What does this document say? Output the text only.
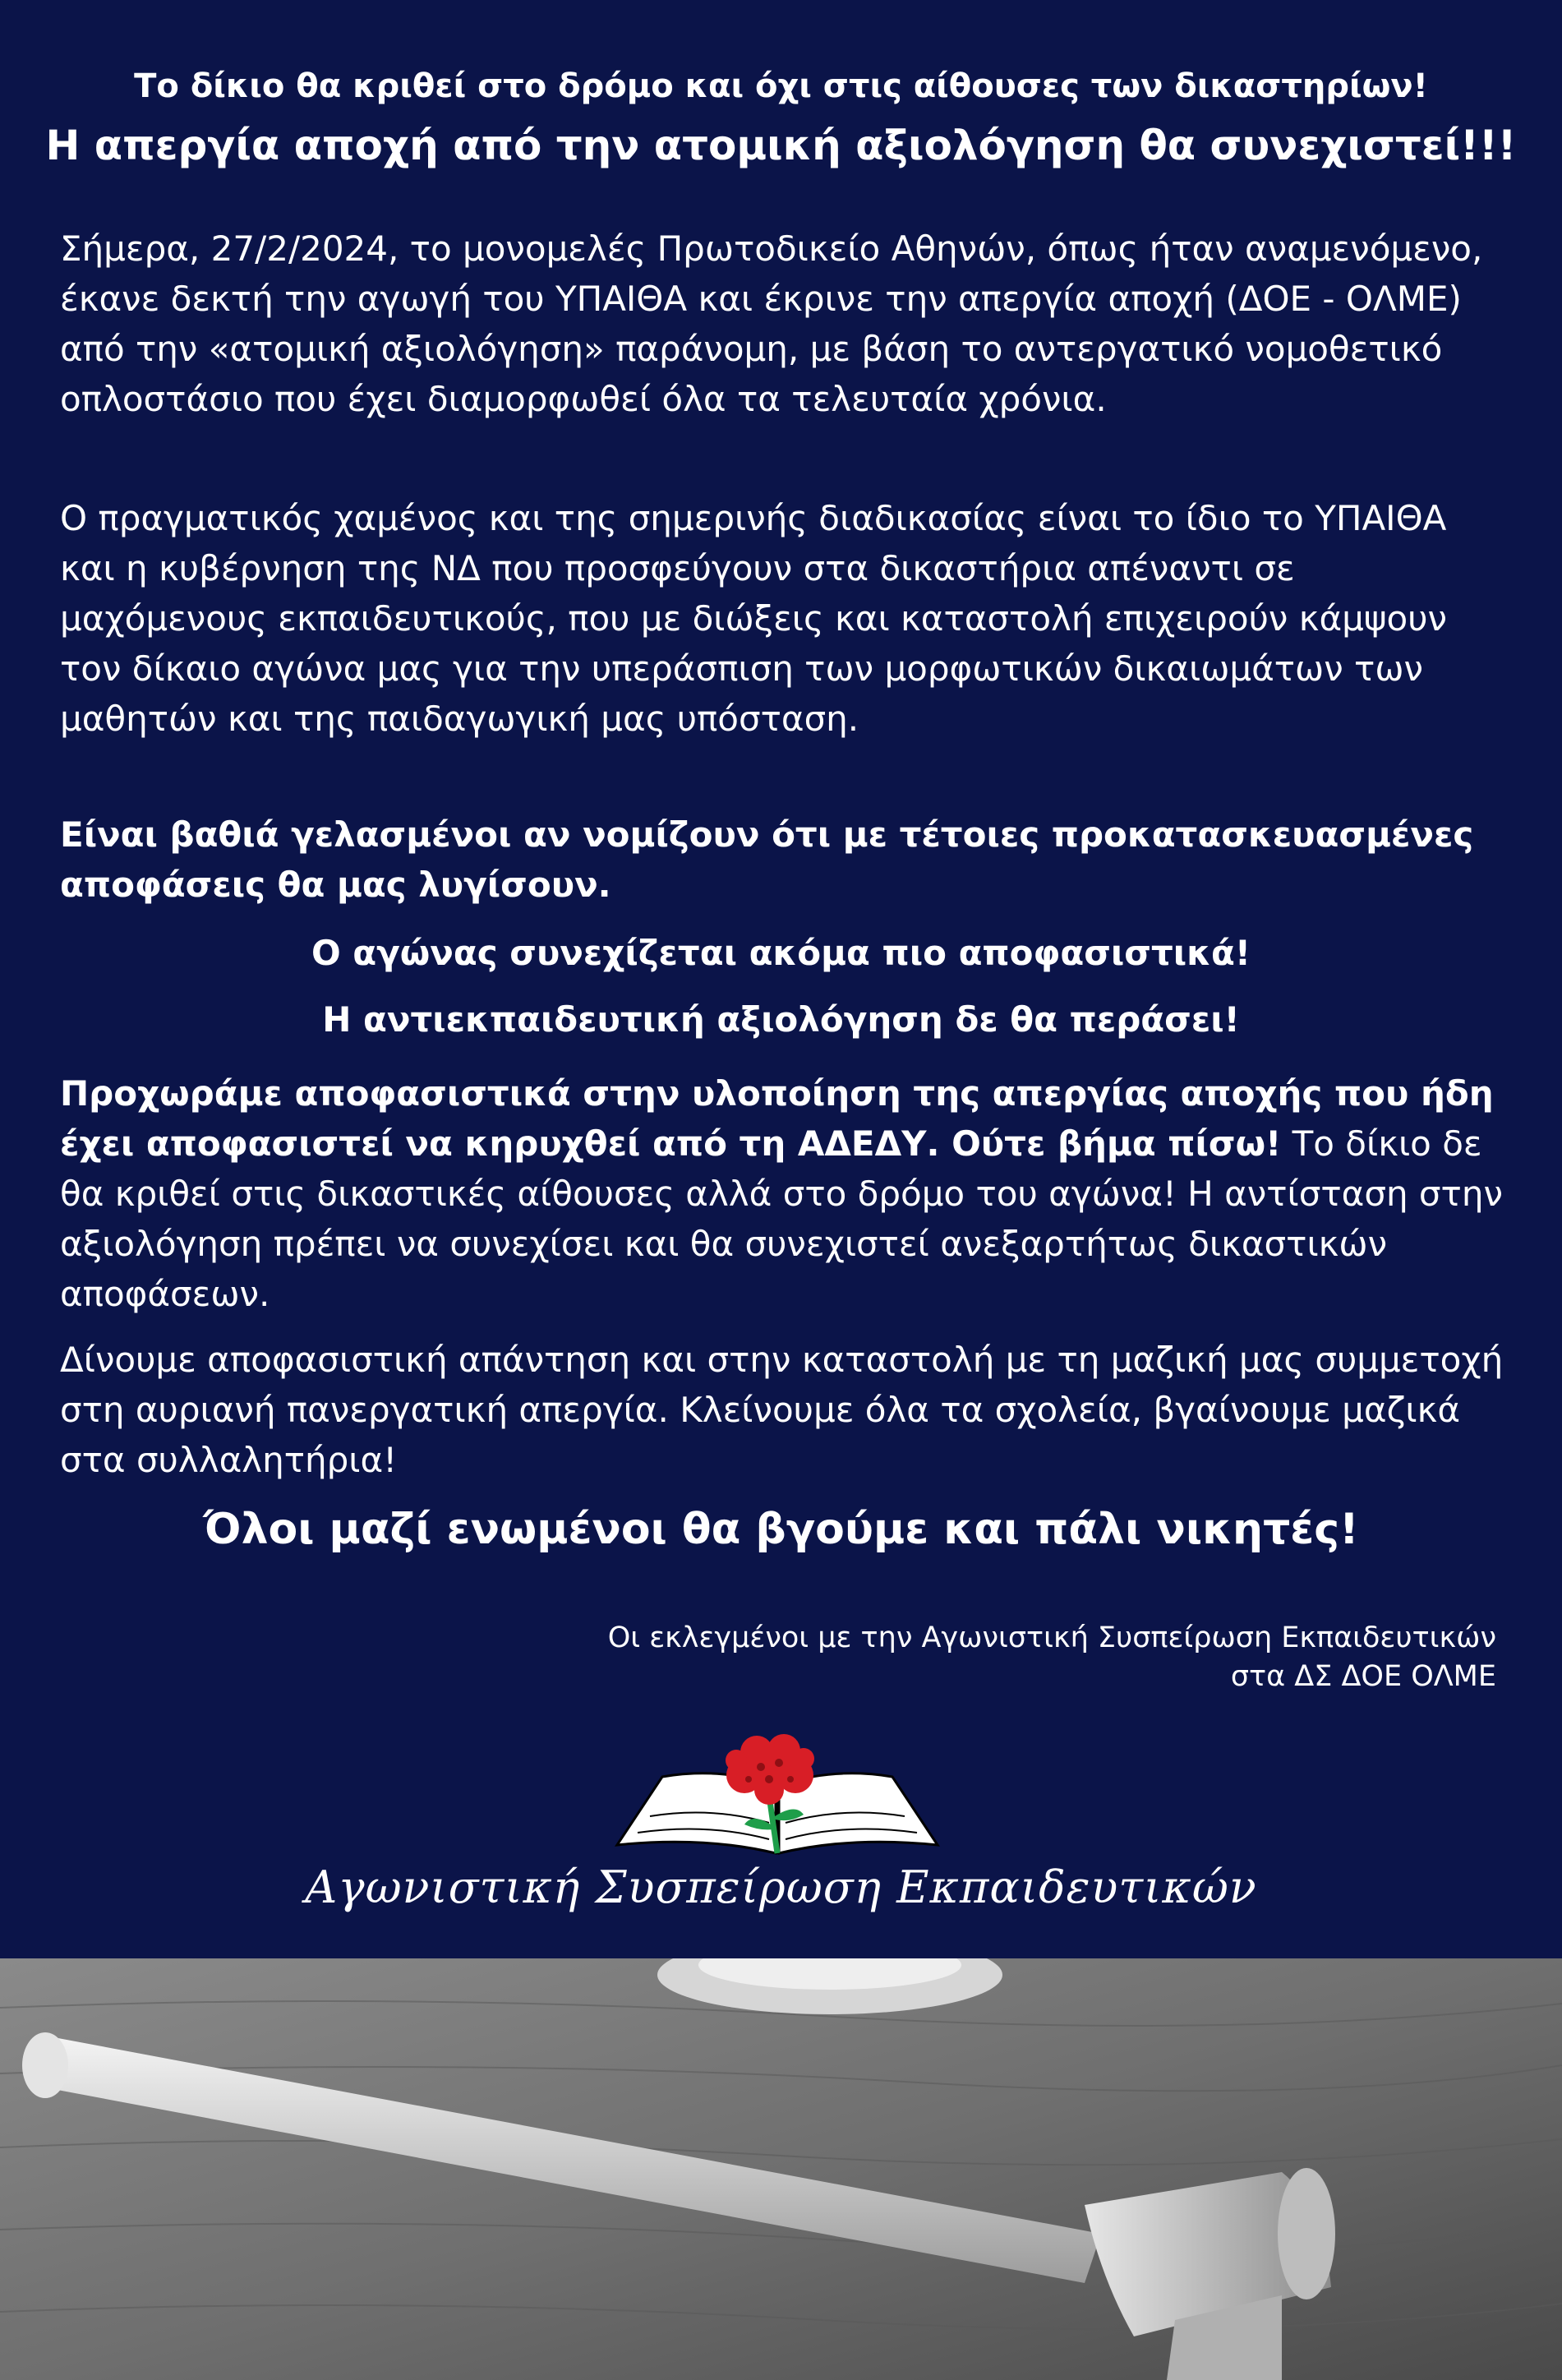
Το δίκιο θα κριθεί στο δρόμο και όχι στις αίθουσες των δικαστηρίων!

Η απεργία αποχή από την ατομική αξιολόγηση θα συνεχιστεί!!!

Σήμερα, 27/2/2024, το μονομελές Πρωτοδικείο Αθηνών, όπως ήταν αναμενόμενο, έκανε δεκτή την αγωγή του ΥΠΑΙΘΑ και έκρινε την απεργία αποχή (ΔΟΕ - ΟΛΜΕ) από την «ατομική αξιολόγηση» παράνομη, με βάση το αντεργατικό νομοθετικό οπλοστάσιο που έχει διαμορφωθεί όλα τα τελευταία χρόνια.

Ο πραγματικός χαμένος και της σημερινής διαδικασίας είναι το ίδιο το ΥΠΑΙΘΑ και η κυβέρνηση της ΝΔ που προσφεύγουν στα δικαστήρια απέναντι σε μαχόμενους εκπαιδευτικούς, που με διώξεις και καταστολή επιχειρούν κάμψουν τον δίκαιο αγώνα μας για την υπεράσπιση των μορφωτικών δικαιωμάτων των μαθητών και της παιδαγωγική μας υπόσταση.

Είναι βαθιά γελασμένοι αν νομίζουν ότι με τέτοιες προκατασκευασμένες αποφάσεις θα μας λυγίσουν.

Ο αγώνας συνεχίζεται ακόμα πιο αποφασιστικά!

Η αντιεκπαιδευτική αξιολόγηση δε θα περάσει!

Προχωράμε αποφασιστικά στην υλοποίηση της απεργίας αποχής που ήδη έχει αποφασιστεί να κηρυχθεί από τη ΑΔΕΔΥ. Ούτε βήμα πίσω! Το δίκιο δε θα κριθεί στις δικαστικές αίθουσες αλλά στο δρόμο του αγώνα! Η αντίσταση στην αξιολόγηση πρέπει να συνεχίσει και θα συνεχιστεί ανεξαρτήτως δικαστικών αποφάσεων.

Δίνουμε αποφασιστική απάντηση και στην καταστολή με τη μαζική μας συμμετοχή στη αυριανή πανεργατική απεργία. Κλείνουμε όλα τα σχολεία, βγαίνουμε μαζικά στα συλλαλητήρια!

Όλοι μαζί ενωμένοι θα βγούμε και πάλι νικητές!

Οι εκλεγμένοι με την Αγωνιστική Συσπείρωση Εκπαιδευτικών
στα ΔΣ ΔΟΕ ΟΛΜΕ

Αγωνιστική Συσπείρωση Εκπαιδευτικών
